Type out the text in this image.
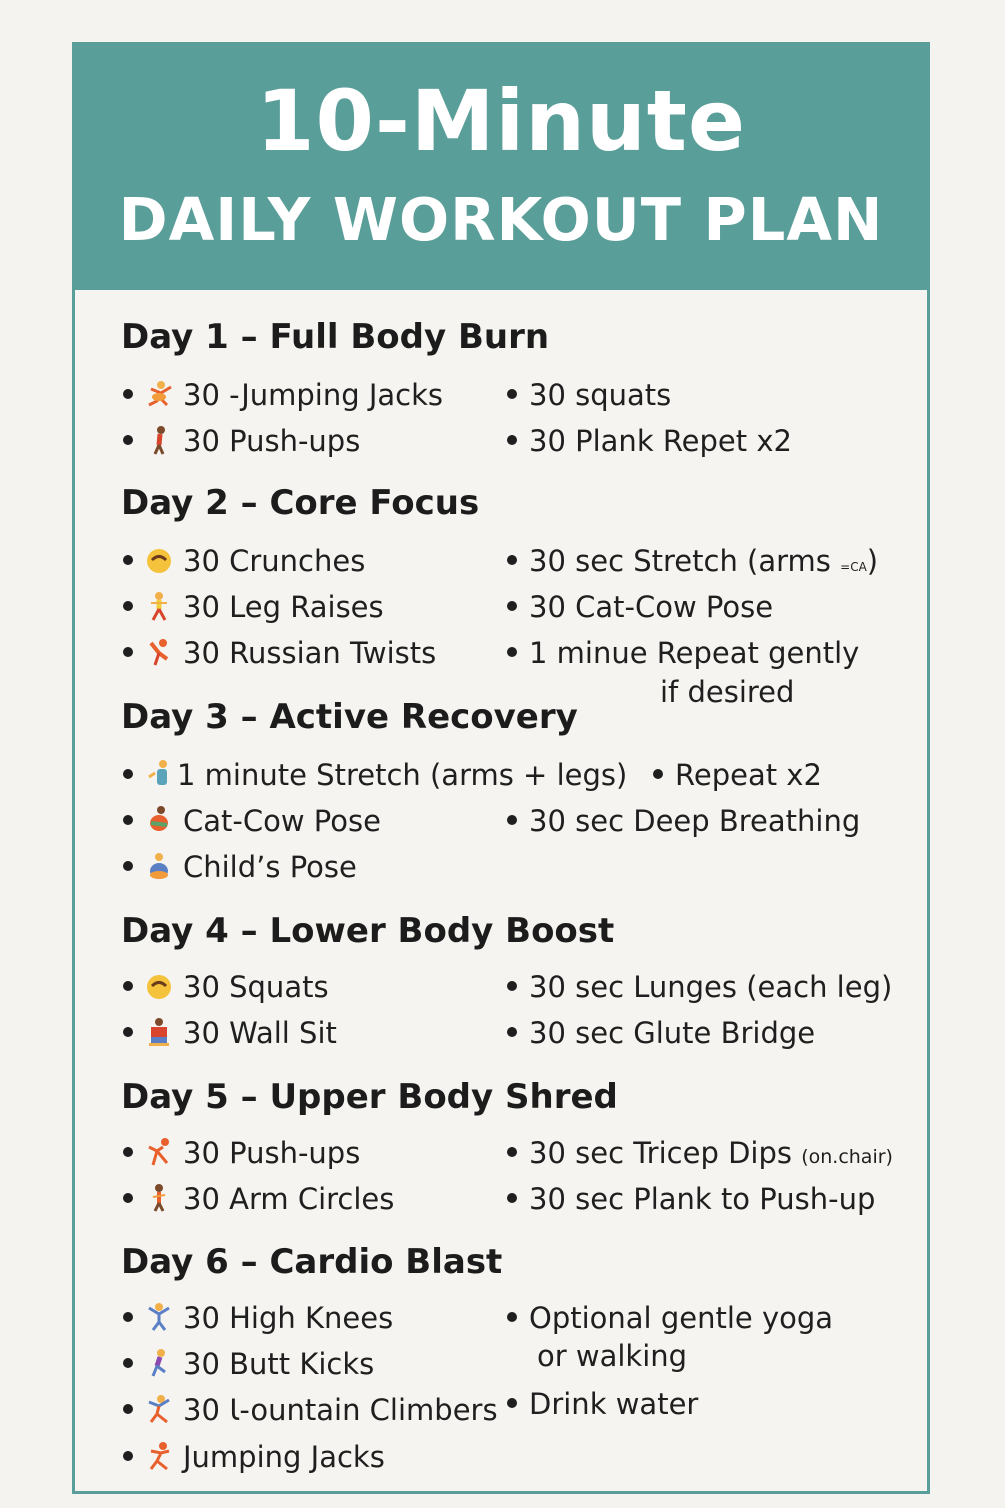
10-Minute
DAILY WORKOUT PLAN
Day 1 – Full Body Burn
30 -Jumping Jacks
30 Push-ups
30 squats
30 Plank Repet x2
Day 2 – Core Focus
30 Crunches
30 Leg Raises
30 Russian Twists
30 sec Stretch (arms =CA)
30 Cat-Cow Pose
1 minue Repeat gently
if desired
Day 3 – Active Recovery
1 minute Stretch (arms + legs)
Cat-Cow Pose
Child’s Pose
Repeat x2
30 sec Deep Breathing
Day 4 – Lower Body Boost
30 Squats
30 Wall Sit
30 sec Lunges (each leg)
30 sec Glute Bridge
Day 5 – Upper Body Shred
30 Push-ups
30 Arm Circles
30 sec Tricep Dips (on.chair)
30 sec Plank to Push-up
Day 6 – Cardio Blast
30 High Knees
30 Butt Kicks
30 Ɩ-ountain Climbers
Jumping Jacks
Optional gentle yoga
or walking
Drink water
